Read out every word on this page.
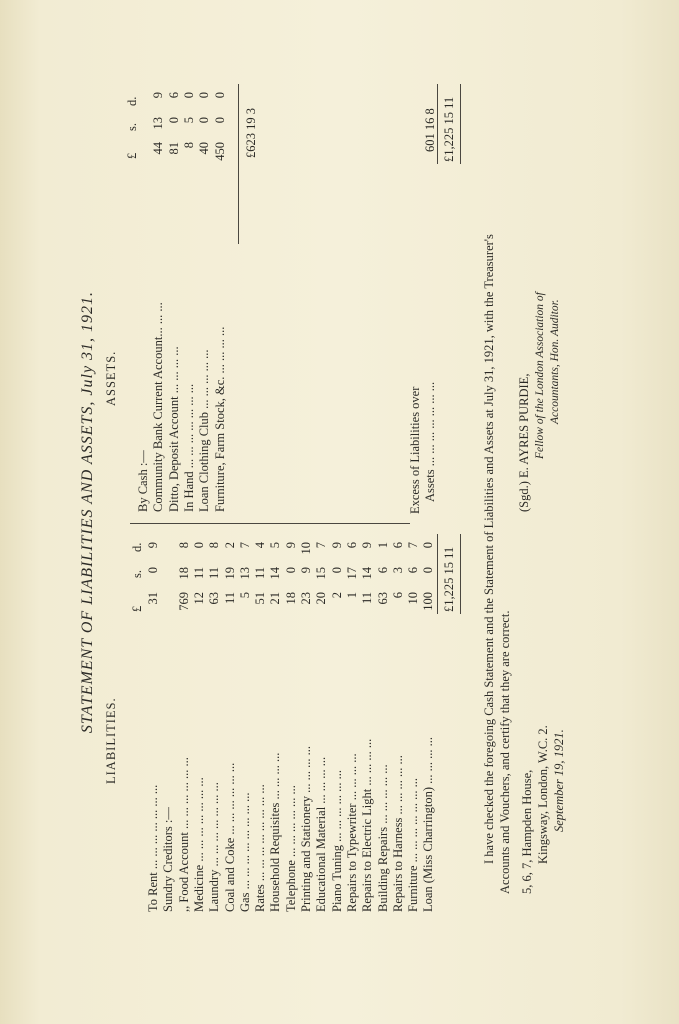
STATEMENT OF LIABILITIES AND ASSETS, July 31, 1921.
LIABILITIES.
£
s.
d.
To Rent ... ... ... ... ... ... ...
31
0
9
Sundry Creditors :— ,, Food Account ... ... ... ... ... ...
769
18
8
Medicine ... ... ... ... ... ... ...
12
11
0
Laundry ... ... ... ... ... ... ...
63
11
8
Coal and Coke ... ... ... ... ... ...
11
19
2
Gas ... ... ... ... ... ... ... ...
5
13
7
Rates ... ... ... ... ... ... ... ...
51
11
4
Household Requisites ... ... ... ...
21
14
5
Telephone ... ... ... ... ... ...
18
0
9
Printing and Stationery ... ... ... ...
23
9
10
Educational Material ... ... ... ...
20
15
7
Piano Tuning ... ... ... ... ... ...
2
0
9
Repairs to Typewriter ... ... ... ...
1
17
6
Repairs to Electric Light ... ... ... ...
11
14
9
Building Repairs ... ... ... ... ...
63
6
1
Repairs to Harness ... ... ... ... ...
6
3
6
Furniture ... ... ... ... ... ... ...
10
6
7
Loan (Miss Charrington) ... ... ... ...
100
0
0
£1,225 15 11
ASSETS.
£
s.
d.
By Cash :— Community Bank Current Account... ... ...
44
13
9
Ditto, Deposit Account ... ... ... ...
81
0
6
In Hand ... ... ... ... ... ... ...
8
5
0
Loan Clothing Club ... ... ... ... ...
40
0
0
Furniture, Farm Stock, &c. ... ... ... ...
450
0
0
£623 19 3
Excess of Liabilities over Assets ... ... ... ... ... ... ...
601 16 8 £1,225 15 11
I have checked the foregoing Cash Statement and the Statement of Liabilities and Assets at July 31, 1921, with the Treasurer's Accounts and Vouchers, and certify that they are correct.
(Sgd.) E. AYRES PURDIE, Fellow of the London Association of Accountants, Hon. Auditor.
5, 6, 7, Hampden House, Kingsway, London, W.C. 2. September 19, 1921.
